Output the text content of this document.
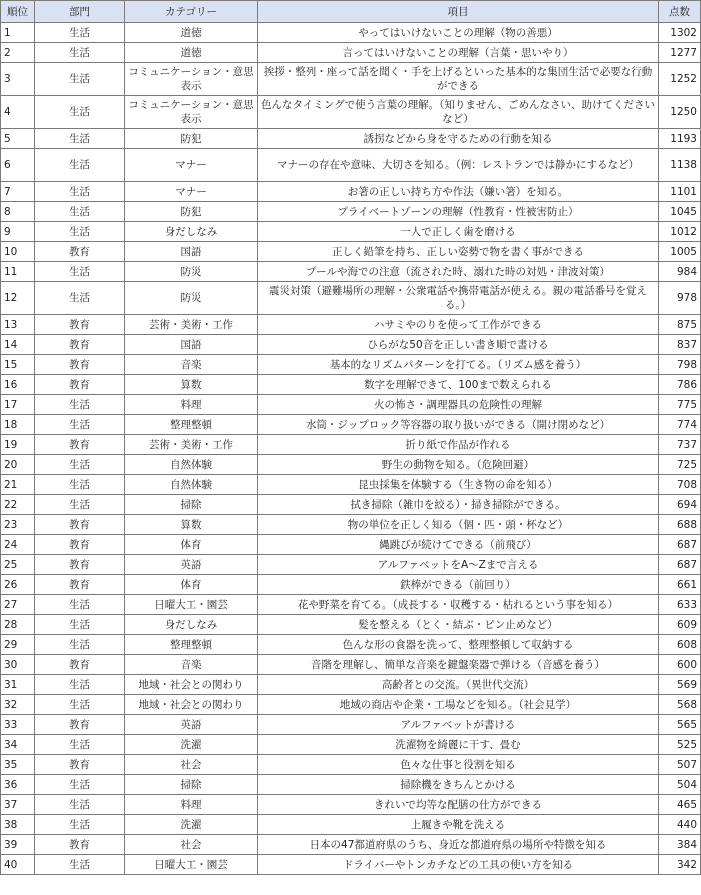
順位	部門	カテゴリー	項目	点数
1	生活	道徳	やってはいけないことの理解（物の善悪）	1302
2	生活	道徳	言ってはいけないことの理解（言葉・思いやり）	1277
3	生活	コミュニケーション・意思表示	挨拶・整列・座って話を聞く・手を上げるといった基本的な集団生活で必要な行動ができる	1252
4	生活	コミュニケーション・意思表示	色んなタイミングで使う言葉の理解。（知りません、ごめんなさい、助けてくださいなど）	1250
5	生活	防犯	誘拐などから身を守るための行動を知る	1193
6	生活	マナー	マナーの存在や意味、大切さを知る。（例：レストランでは静かにするなど）	1138
7	生活	マナー	お箸の正しい持ち方や作法（嫌い箸）を知る。	1101
8	生活	防犯	プライベートゾーンの理解（性教育・性被害防止）	1045
9	生活	身だしなみ	一人で正しく歯を磨ける	1012
10	教育	国語	正しく鉛筆を持ち、正しい姿勢で物を書く事ができる	1005
11	生活	防災	プールや海での注意（流された時、溺れた時の対処・津波対策）	984
12	生活	防災	震災対策（避難場所の理解・公衆電話や携帯電話が使える。親の電話番号を覚える。）	978
13	教育	芸術・美術・工作	ハサミやのりを使って工作ができる	875
14	教育	国語	ひらがな50音を正しい書き順で書ける	837
15	教育	音楽	基本的なリズムパターンを打てる。（リズム感を養う）	798
16	教育	算数	数字を理解できて、100まで数えられる	786
17	生活	料理	火の怖さ・調理器具の危険性の理解	775
18	生活	整理整頓	水筒・ジップロック等容器の取り扱いができる（開け閉めなど）	774
19	教育	芸術・美術・工作	折り紙で作品が作れる	737
20	生活	自然体験	野生の動物を知る。（危険回避）	725
21	生活	自然体験	昆虫採集を体験する（生き物の命を知る）	708
22	生活	掃除	拭き掃除（雑巾を絞る）・掃き掃除ができる。	694
23	教育	算数	物の単位を正しく知る（個・匹・頭・杯など）	688
24	教育	体育	縄跳びが続けてできる（前飛び）	687
25	教育	英語	アルファベットをA～Zまで言える	687
26	教育	体育	鉄棒ができる（前回り）	661
27	生活	日曜大工・園芸	花や野菜を育てる。（成長する・収穫する・枯れるという事を知る）	633
28	生活	身だしなみ	髪を整える（とく・結ぶ・ピン止めなど）	609
29	生活	整理整頓	色んな形の食器を洗って、整理整頓して収納する	608
30	教育	音楽	音階を理解し、簡単な音楽を鍵盤楽器で弾ける（音感を養う）	600
31	生活	地域・社会との関わり	高齢者との交流。（異世代交流）	569
32	生活	地域・社会との関わり	地域の商店や企業・工場などを知る。（社会見学）	568
33	教育	英語	アルファベットが書ける	565
34	生活	洗濯	洗濯物を綺麗に干す、畳む	525
35	教育	社会	色々な仕事と役割を知る	507
36	生活	掃除	掃除機をきちんとかける	504
37	生活	料理	きれいで均等な配膳の仕方ができる	465
38	生活	洗濯	上履きや靴を洗える	440
39	教育	社会	日本の47都道府県のうち、身近な都道府県の場所や特徴を知る	384
40	生活	日曜大工・園芸	ドライバーやトンカチなどの工具の使い方を知る	342
